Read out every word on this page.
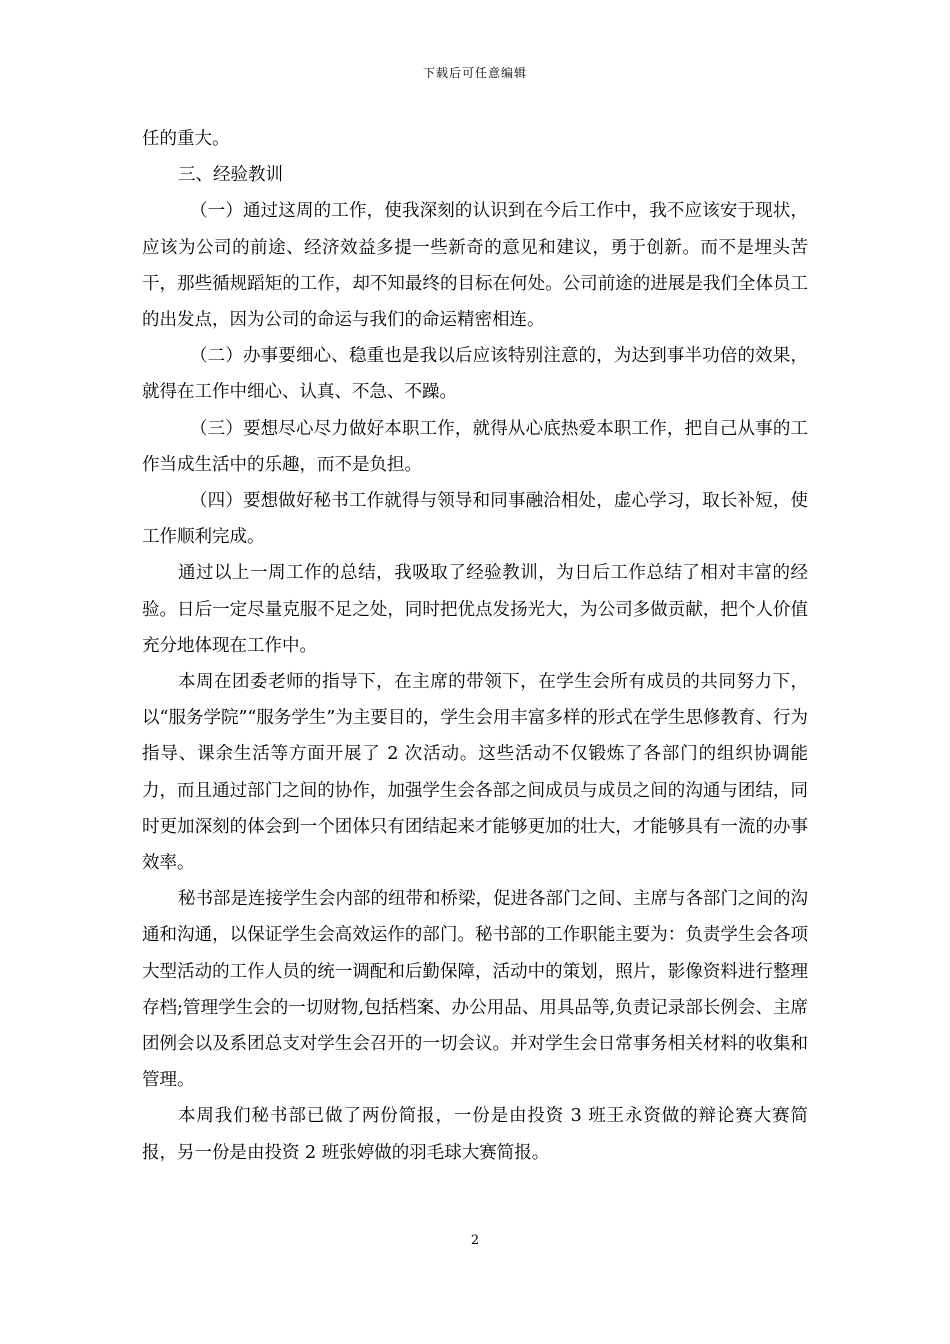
下载后可任意编辑

任的重大。

三、经验教训

（一）通过这周的工作，使我深刻的认识到在今后工作中，我不应该安于现状，应该为公司的前途、经济效益多提一些新奇的意见和建议，勇于创新。而不是埋头苦干，那些循规蹈矩的工作，却不知最终的目标在何处。公司前途的进展是我们全体员工的出发点，因为公司的命运与我们的命运精密相连。

（二）办事要细心、稳重也是我以后应该特别注意的，为达到事半功倍的效果，就得在工作中细心、认真、不急、不躁。

（三）要想尽心尽力做好本职工作，就得从心底热爱本职工作，把自己从事的工作当成生活中的乐趣，而不是负担。

（四）要想做好秘书工作就得与领导和同事融洽相处，虚心学习，取长补短，使工作顺利完成。

通过以上一周工作的总结，我吸取了经验教训，为日后工作总结了相对丰富的经验。日后一定尽量克服不足之处，同时把优点发扬光大，为公司多做贡献，把个人价值充分地体现在工作中。

本周在团委老师的指导下，在主席的带领下，在学生会所有成员的共同努力下，以“服务学院”“服务学生”为主要目的，学生会用丰富多样的形式在学生思修教育、行为指导、课余生活等方面开展了 2 次活动。这些活动不仅锻炼了各部门的组织协调能力，而且通过部门之间的协作，加强学生会各部之间成员与成员之间的沟通与团结，同时更加深刻的体会到一个团体只有团结起来才能够更加的壮大，才能够具有一流的办事效率。

秘书部是连接学生会内部的纽带和桥梁，促进各部门之间、主席与各部门之间的沟通和沟通，以保证学生会高效运作的部门。秘书部的工作职能主要为：负责学生会各项大型活动的工作人员的统一调配和后勤保障，活动中的策划，照片，影像资料进行整理存档;管理学生会的一切财物,包括档案、办公用品、用具品等,负责记录部长例会、主席团例会以及系团总支对学生会召开的一切会议。并对学生会日常事务相关材料的收集和管理。

本周我们秘书部已做了两份简报，一份是由投资 3 班王永资做的辩论赛大赛简报，另一份是由投资 2 班张婷做的羽毛球大赛简报。

2
